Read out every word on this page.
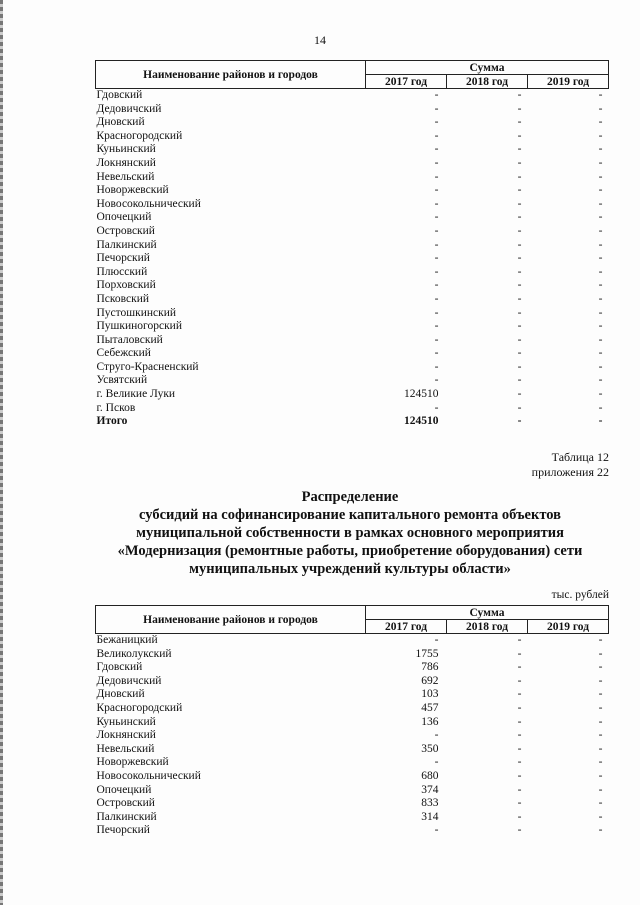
14
Наименование районов и городов	Сумма		
	2017 год	2018 год	2019 год
Гдовский	-	-	-
Дедовичский	-	-	-
Дновский	-	-	-
Красногородский	-	-	-
Куньинский	-	-	-
Локнянский	-	-	-
Невельский	-	-	-
Новоржевский	-	-	-
Новосокольнический	-	-	-
Опочецкий	-	-	-
Островский	-	-	-
Палкинский	-	-	-
Печорский	-	-	-
Плюсский	-	-	-
Порховский	-	-	-
Псковский	-	-	-
Пустошкинский	-	-	-
Пушкиногорский	-	-	-
Пыталовский	-	-	-
Себежский	-	-	-
Струго-Красненский	-	-	-
Усвятский	-	-	-
г. Великие Луки	124510	-	-
г. Псков	-	-	-
Итого	124510	-	-
Таблица 12
приложения 22
Распределение
субсидий на софинансирование капитального ремонта объектов
муниципальной собственности в рамках основного мероприятия
«Модернизация (ремонтные работы, приобретение оборудования) сети
муниципальных учреждений культуры области»
тыс. рублей
Наименование районов и городов	Сумма		
	2017 год	2018 год	2019 год
Бежаницкий	-	-	-
Великолукский	1755	-	-
Гдовский	786	-	-
Дедовичский	692	-	-
Дновский	103	-	-
Красногородский	457	-	-
Куньинский	136	-	-
Локнянский	-	-	-
Невельский	350	-	-
Новоржевский	-	-	-
Новосокольнический	680	-	-
Опочецкий	374	-	-
Островский	833	-	-
Палкинский	314	-	-
Печорский	-	-	-
